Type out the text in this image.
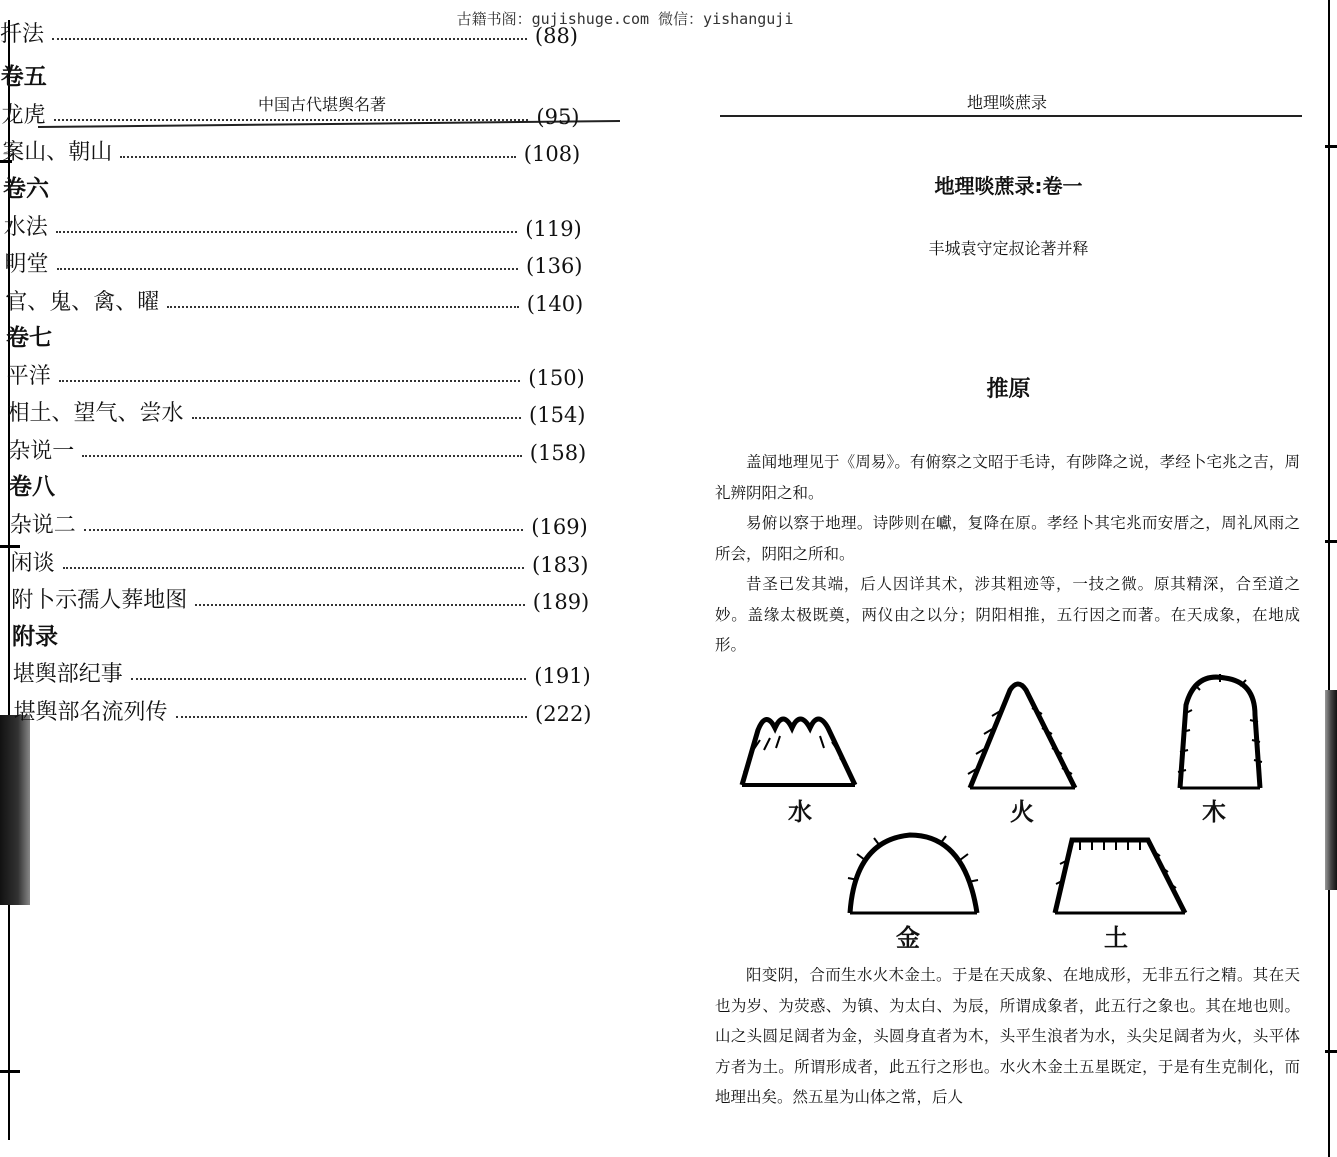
古籍书阁：gujishuge.com 微信：yishanguji
中国古代堪舆名著
扦法	(88)
卷五
龙虎	(95)
案山、朝山	(108)
卷六
水法	(119)
明堂	(136)
官、鬼、禽、曜	(140)
卷七
平洋	(150)
相土、望气、尝水	(154)
杂说一	(158)
卷八
杂说二	(169)
闲谈	(183)
附卜示孺人葬地图	(189)
附录
堪舆部纪事	(191)
堪舆部名流列传	(222)
地理啖蔗录
地理啖蔗录:卷一
丰城袁守定叔论著并释
推原

盖闻地理见于《周易》。有俯察之文昭于毛诗，有陟降之说，孝经卜宅兆之吉，周礼辨阴阳之和。

易俯以察于地理。诗陟则在巘，复降在原。孝经卜其宅兆而安厝之，周礼风雨之所会，阴阳之所和。

昔圣已发其端，后人因详其术，涉其粗迹等，一技之微。原其精深，合至道之妙。盖缘太极既奠，两仪由之以分；阴阳相推，五行因之而著。在天成象，在地成形。

水	火	木
金	土

阳变阴，合而生水火木金土。于是在天成象、在地成形，无非五行之精。其在天也为岁、为荧惑、为镇、为太白、为辰，所谓成象者，此五行之象也。其在地也则。山之头圆足阔者为金，头圆身直者为木，头平生浪者为水，头尖足阔者为火，头平体方者为土。所谓形成者，此五行之形也。水火木金土五星既定，于是有生克制化，而地理出矣。然五星为山体之常，后人
